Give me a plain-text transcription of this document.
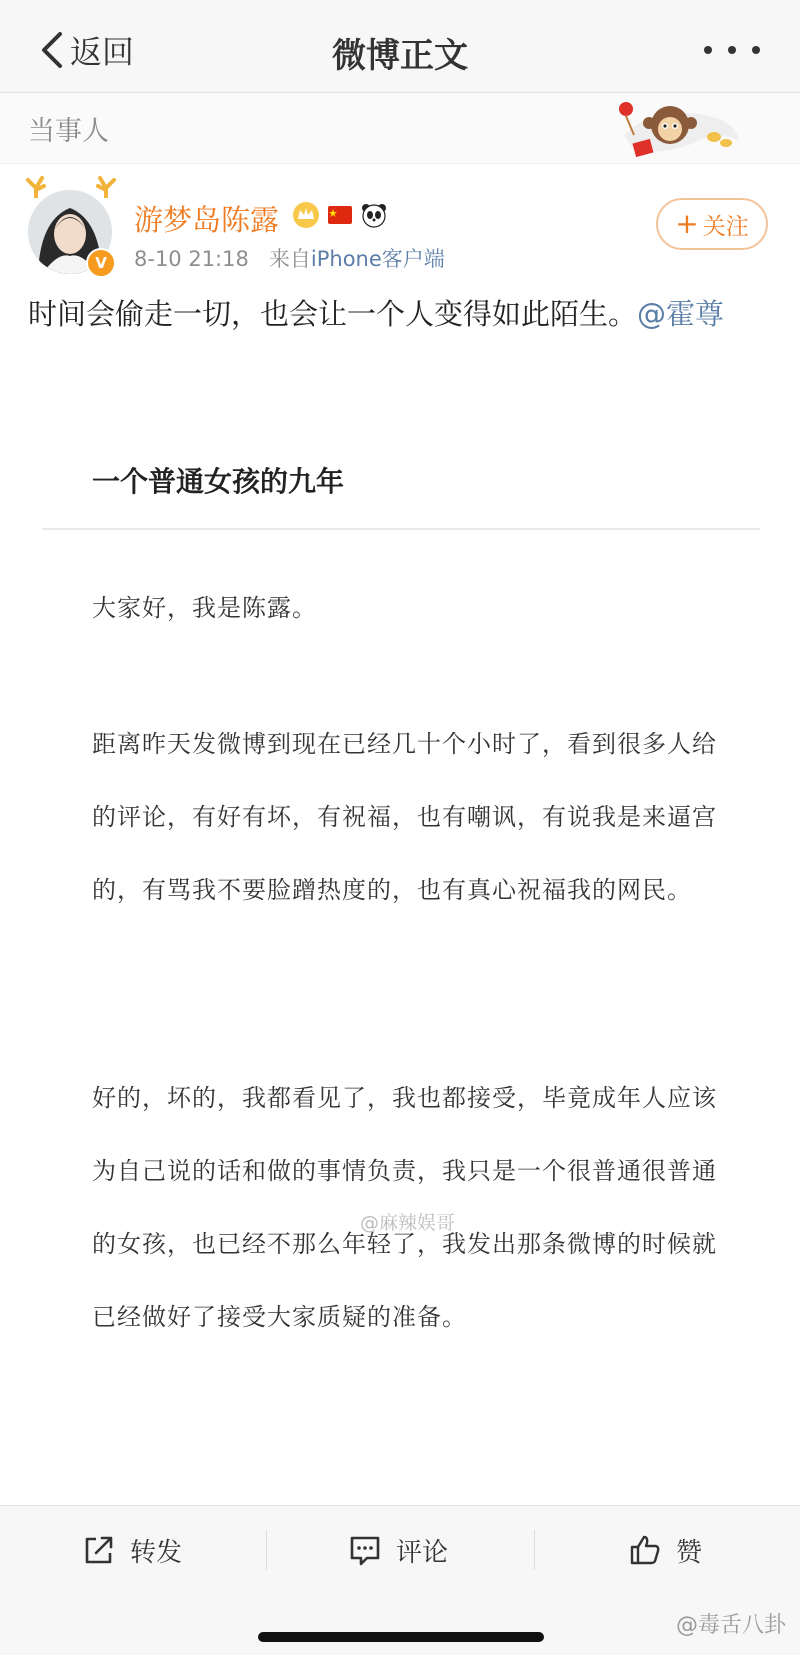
返回	微博正文
当事人
V
游梦岛陈露
8-10 21:18 来自iPhone客户端
+ 关注
时间会偷走一切，也会让一个人变得如此陌生。@霍尊
一个普通女孩的九年
大家好，我是陈露。
距离昨天发微博到现在已经几十个小时了，看到很多人给的评论，有好有坏，有祝福，也有嘲讽，有说我是来逼宫的，有骂我不要脸蹭热度的，也有真心祝福我的网民。
@麻辣娱哥
好的，坏的，我都看见了，我也都接受，毕竟成年人应该为自己说的话和做的事情负责，我只是一个很普通很普通的女孩，也已经不那么年轻了，我发出那条微博的时候就已经做好了接受大家质疑的准备。
转发	评论	赞
@毒舌八卦
